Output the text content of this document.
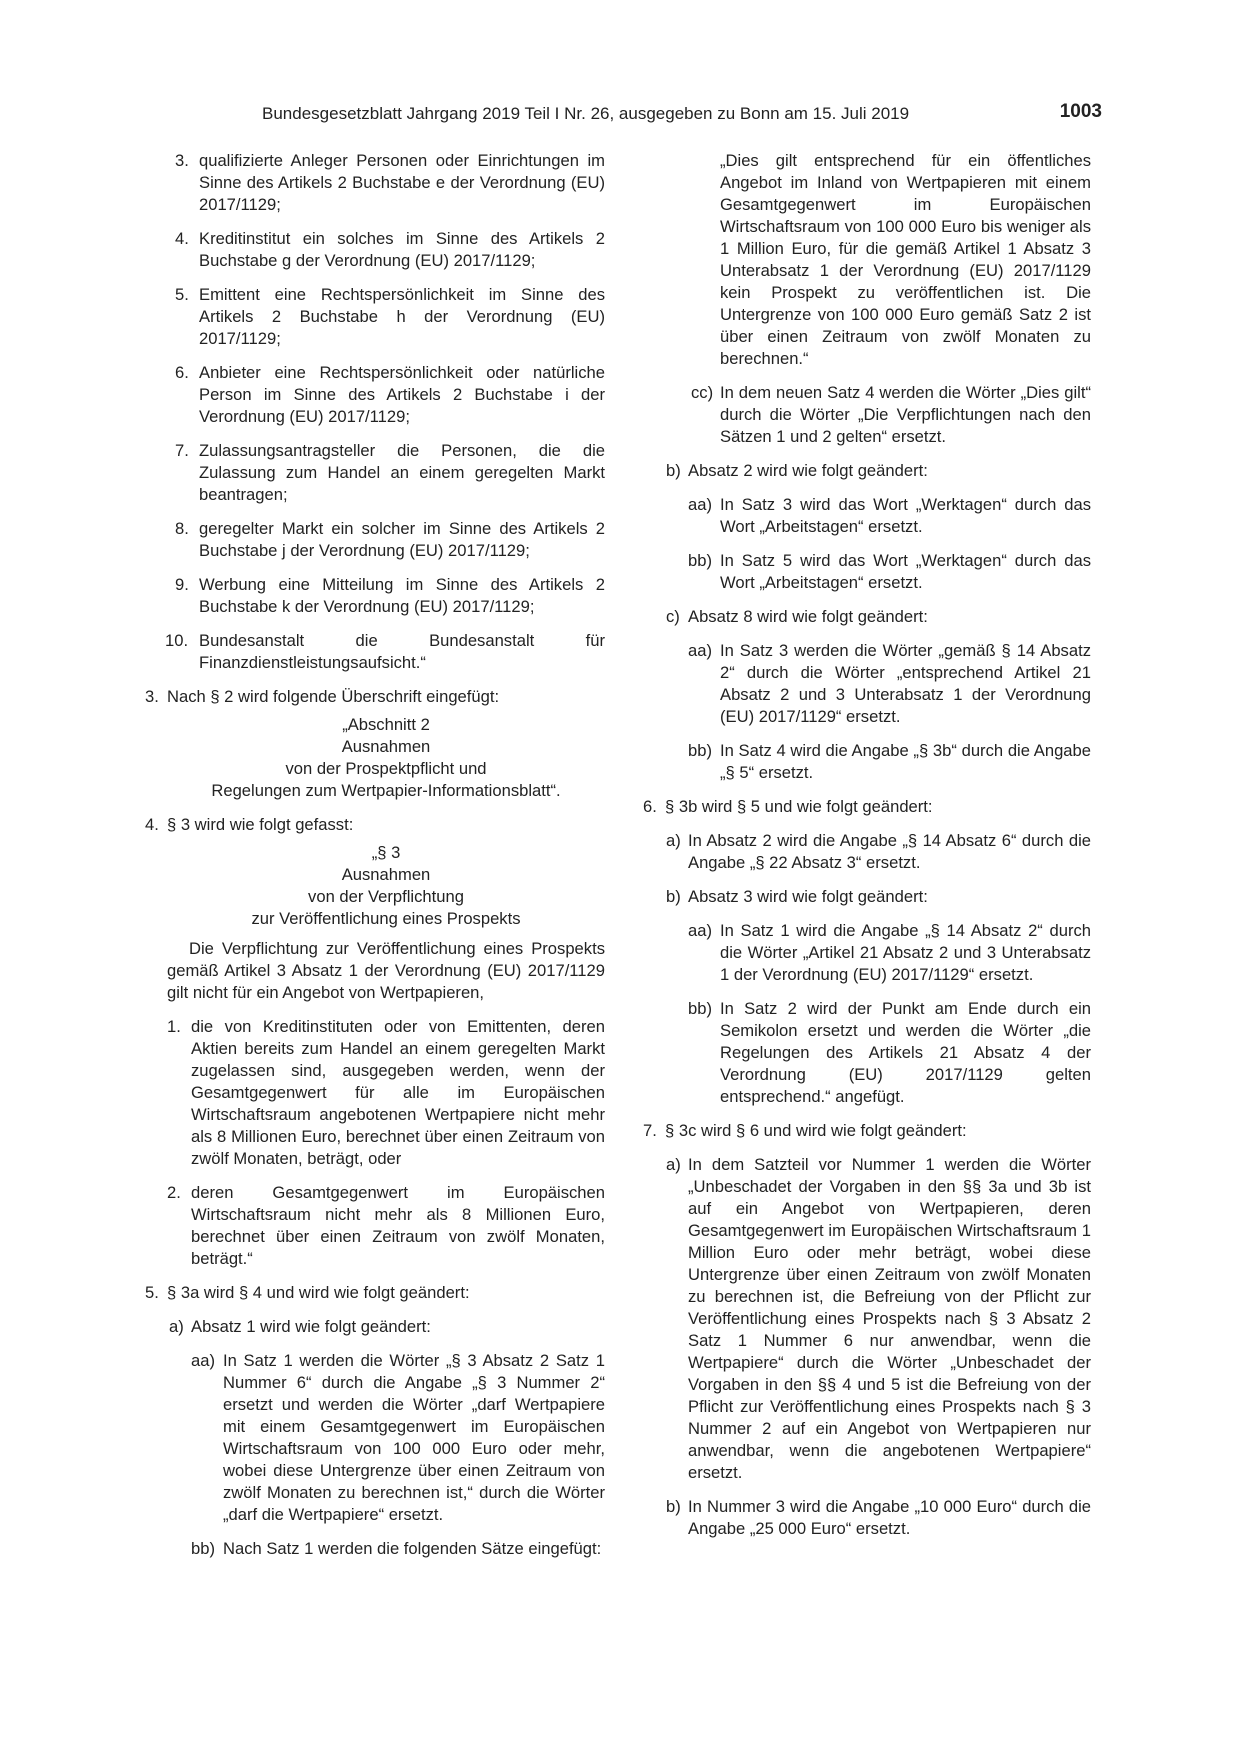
Bundesgesetzblatt Jahrgang 2019 Teil I Nr. 26, ausgegeben zu Bonn am 15. Juli 2019	1003
3. qualifizierte Anleger Personen oder Einrichtungen im Sinne des Artikels 2 Buchstabe e der Verordnung (EU) 2017/1129;
4. Kreditinstitut ein solches im Sinne des Artikels 2 Buchstabe g der Verordnung (EU) 2017/1129;
5. Emittent eine Rechtspersönlichkeit im Sinne des Artikels 2 Buchstabe h der Verordnung (EU) 2017/1129;
6. Anbieter eine Rechtspersönlichkeit oder natürliche Person im Sinne des Artikels 2 Buchstabe i der Verordnung (EU) 2017/1129;
7. Zulassungsantragsteller die Personen, die die Zulassung zum Handel an einem geregelten Markt beantragen;
8. geregelter Markt ein solcher im Sinne des Artikels 2 Buchstabe j der Verordnung (EU) 2017/1129;
9. Werbung eine Mitteilung im Sinne des Artikels 2 Buchstabe k der Verordnung (EU) 2017/1129;
10. Bundesanstalt die Bundesanstalt für Finanzdienstleistungsaufsicht.“
3. Nach § 2 wird folgende Überschrift eingefügt:
„Abschnitt 2
Ausnahmen
von der Prospektpflicht und
Regelungen zum Wertpapier-Informationsblatt“.
4. § 3 wird wie folgt gefasst:
„§ 3
Ausnahmen
von der Verpflichtung
zur Veröffentlichung eines Prospekts
Die Verpflichtung zur Veröffentlichung eines Prospekts gemäß Artikel 3 Absatz 1 der Verordnung (EU) 2017/1129 gilt nicht für ein Angebot von Wertpapieren,
1. die von Kreditinstituten oder von Emittenten, deren Aktien bereits zum Handel an einem geregelten Markt zugelassen sind, ausgegeben werden, wenn der Gesamtgegenwert für alle im Europäischen Wirtschaftsraum angebotenen Wertpapiere nicht mehr als 8 Millionen Euro, berechnet über einen Zeitraum von zwölf Monaten, beträgt, oder
2. deren Gesamtgegenwert im Europäischen Wirtschaftsraum nicht mehr als 8 Millionen Euro, berechnet über einen Zeitraum von zwölf Monaten, beträgt.“
5. § 3a wird § 4 und wird wie folgt geändert:
a) Absatz 1 wird wie folgt geändert:
aa) In Satz 1 werden die Wörter „§ 3 Absatz 2 Satz 1 Nummer 6“ durch die Angabe „§ 3 Nummer 2“ ersetzt und werden die Wörter „darf Wertpapiere mit einem Gesamtgegenwert im Europäischen Wirtschaftsraum von 100 000 Euro oder mehr, wobei diese Untergrenze über einen Zeitraum von zwölf Monaten zu berechnen ist,“ durch die Wörter „darf die Wertpapiere“ ersetzt.
bb) Nach Satz 1 werden die folgenden Sätze eingefügt:
„Dies gilt entsprechend für ein öffentliches Angebot im Inland von Wertpapieren mit einem Gesamtgegenwert im Europäischen Wirtschaftsraum von 100 000 Euro bis weniger als 1 Million Euro, für die gemäß Artikel 1 Absatz 3 Unterabsatz 1 der Verordnung (EU) 2017/1129 kein Prospekt zu veröffentlichen ist. Die Untergrenze von 100 000 Euro gemäß Satz 2 ist über einen Zeitraum von zwölf Monaten zu berechnen.“
cc) In dem neuen Satz 4 werden die Wörter „Dies gilt“ durch die Wörter „Die Verpflichtungen nach den Sätzen 1 und 2 gelten“ ersetzt.
b) Absatz 2 wird wie folgt geändert:
aa) In Satz 3 wird das Wort „Werktagen“ durch das Wort „Arbeitstagen“ ersetzt.
bb) In Satz 5 wird das Wort „Werktagen“ durch das Wort „Arbeitstagen“ ersetzt.
c) Absatz 8 wird wie folgt geändert:
aa) In Satz 3 werden die Wörter „gemäß § 14 Absatz 2“ durch die Wörter „entsprechend Artikel 21 Absatz 2 und 3 Unterabsatz 1 der Verordnung (EU) 2017/1129“ ersetzt.
bb) In Satz 4 wird die Angabe „§ 3b“ durch die Angabe „§ 5“ ersetzt.
6. § 3b wird § 5 und wie folgt geändert:
a) In Absatz 2 wird die Angabe „§ 14 Absatz 6“ durch die Angabe „§ 22 Absatz 3“ ersetzt.
b) Absatz 3 wird wie folgt geändert:
aa) In Satz 1 wird die Angabe „§ 14 Absatz 2“ durch die Wörter „Artikel 21 Absatz 2 und 3 Unterabsatz 1 der Verordnung (EU) 2017/1129“ ersetzt.
bb) In Satz 2 wird der Punkt am Ende durch ein Semikolon ersetzt und werden die Wörter „die Regelungen des Artikels 21 Absatz 4 der Verordnung (EU) 2017/1129 gelten entsprechend.“ angefügt.
7. § 3c wird § 6 und wird wie folgt geändert:
a) In dem Satzteil vor Nummer 1 werden die Wörter „Unbeschadet der Vorgaben in den §§ 3a und 3b ist auf ein Angebot von Wertpapieren, deren Gesamtgegenwert im Europäischen Wirtschaftsraum 1 Million Euro oder mehr beträgt, wobei diese Untergrenze über einen Zeitraum von zwölf Monaten zu berechnen ist, die Befreiung von der Pflicht zur Veröffentlichung eines Prospekts nach § 3 Absatz 2 Satz 1 Nummer 6 nur anwendbar, wenn die Wertpapiere“ durch die Wörter „Unbeschadet der Vorgaben in den §§ 4 und 5 ist die Befreiung von der Pflicht zur Veröffentlichung eines Prospekts nach § 3 Nummer 2 auf ein Angebot von Wertpapieren nur anwendbar, wenn die angebotenen Wertpapiere“ ersetzt.
b) In Nummer 3 wird die Angabe „10 000 Euro“ durch die Angabe „25 000 Euro“ ersetzt.
